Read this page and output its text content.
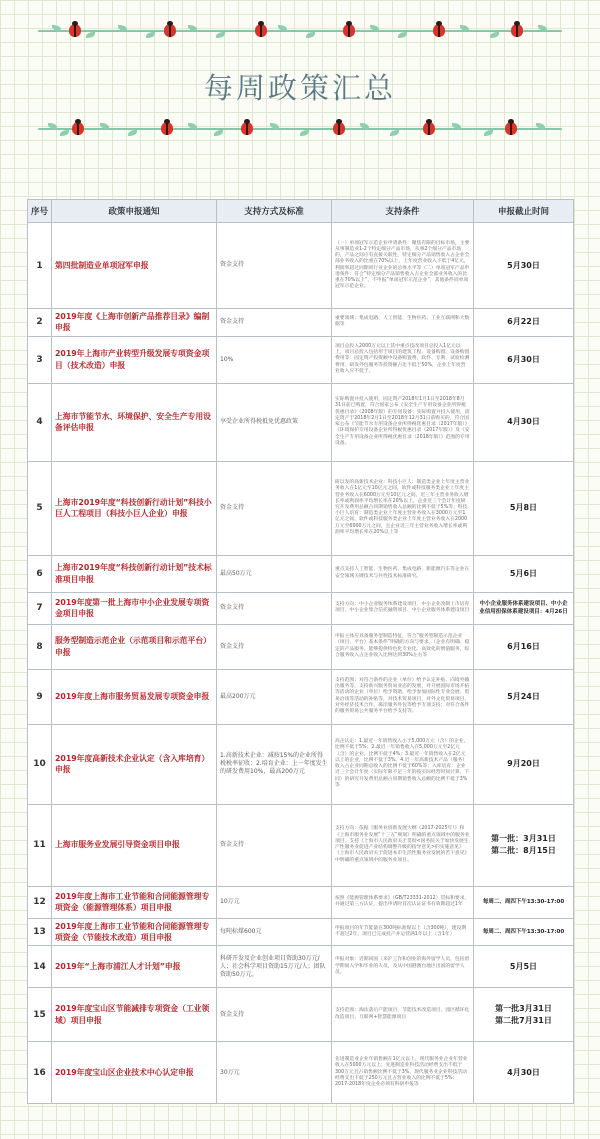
每周政策汇总
序号	政策申报通知	支持方式及标准	支持条件	申报截止时间
1	第四批制造业单项冠军申报	资金支持	（一）单项冠军示范企业申请条件：聚焦有限的目标市场，主要从事制造业1-2个特定细分产品市场，从事2个细分产品市场的，产品之间应有直接关联性，特定细分产品销售收入占企业全部业务收入的比重在70%以上，上年度营业收入不低于4亿元，利润率超过同期同行业企业的总体水平等（二）单项冠军产品申请条件：符合“特定细分产品销售收入占企业全部业务收入的比重在70%以上”，不申报“单项冠军示范企业”，其他条件同单项冠军示范企业。	5月30日
2	2019年度《上海市创新产品推荐目录》编制申报	资金支持	重要领域：集成电路、人工智能、生物医药、工业互联网和大数据等	6月22日
3	2019年上海市产业转型升级发展专项资金项目（技术改造）申报	10%	项目总投入2000万元以上其中重点技改项目总投入1亿元以上，项目总投入包括用于项目的建筑工程、设备购置、设备购置费用等：固定资产投资额中设备购置费、软件、专利、试验检测费用、研发外包服务等投资额占比不低于50%，企业上年度营业收入应不低于。	6月30日
4	上海市节能节水、环境保护、安全生产专用设备评估申报	享受企业所得税抵免优惠政策	实际购置并投入使用，固定资产2018年1月1日至2018年8月31日前已购置，符合国家公布《安全生产专用设备企业所得税优惠目录》（2008年版）的专用设备；实际购置并投入使用，固定资产于2018年2月1日至2018年12月31日前购买的，符合国家公布《节能节水专用设备企业所得税优惠目录（2017年版）》《环境保护专用设备企业所得税优惠目录（2017年版）》及《安全生产专用设备企业所得税优惠目录（2018年版）》范围的专用设备。	4月30日
5	上海市2019年度“科技创新行动计划”科技小巨人工程项目（科技小巨人企业）申报	资金支持	研以发的高新技术企业：科技小巨人：制造类企业上年度主营业务收入在1亿元至10亿元之间，软件或科技服务类企业上年度主营业务收入在6000万元至10亿元之间，近三年主营业务收入增长率或利润率平均增长率在20%以上，企业近三个会计年度研究开发费用总额占同期销售收入总额的比例不低于5%等；科技小巨人培育：制造类企业上年度主营业务收入在3000万元至1亿元之间，软件或科技服务类企业上年度主营业务收入在2000万元至6000万元之间，且企业近三年主营业务收入增长率或利润率平均增长率在20%以上等	5月8日
6	上海市2019年度“科技创新行动计划”技术标准项目申报	最高50万元	重点支持人工智能、生物医药、集成电路、新能源汽车等企业在安全领域关键技术与共性技术标准研究。	5月6日
7	2019年度第一批上海市中小企业发展专项资金项目申报	资金支持	支持方向：中小企业服务体系建设项目、中小企业改制上市培育项目、中小企业集合信托融资项目、中小企业服务体系建设项目	中小企业服务体系建设项目、中小企业信用担保体系建设项目：4月26日
8	服务型制造示范企业（示范项目和示范平台）申报	资金支持	申报主体应具备服务型制造特征，符合“服务型制造示范企业（项目、平台）基本条件”明确的方向与要求。（企业有明确、稳定的产品服务，能够提供特色化专业化、高效化的增值服务，综合服务收入占企业收入比例达到30%左右等	6月16日
9	2019年度上海市服务贸易发展专项资金申报	最高200万元	支持范围：对符合条件的企业（单位）给予认定补贴，向境外输出服务等，支持新兴服务贸易业态的发展，对开展国际市场开拓等活动的企业（单位）给予资助，给予参加国际性专业会展、贸易洽谈等活动的补贴等，对技术贸易项目、对外文化贸易项目、对外经济技术合作、离岸服务外包等给予专项支持；对符合条件的服务贸易公共服务平台给予支持等。	5月24日
10	2019年度高新技术企业认定（含入库培育）申报	1.高新技术企业：减按15%的企业所得税税率征收；2.培育企业：上一年度发生的研发费用10%，最高200万元	高企认定：1.最近一年销售收入小于5,000万元（含）的企业，比例不低于5%；2.最近一年销售收入在5,000万元至2亿元（含）的企业，比例不低于4%；3.最近一年销售收入在2亿元以上的企业，比例不低于3%。4.近一年高新技术产品（服务）收入占企业同期总收入的比例不低于60%等；入库培育：企业近三个会计年度（实际年限不足三年的按实际经营时间计算，下同）的研究开发费用总额占同期销售收入总额的比例不低于3%等	9月20日
11	上海市服务业发展引导资金项目申报	资金支持	支持方向：依据《服务业创新发展大纲（2017-2025年）》和《上海市服务业发展“十三五”规划》明确的重点领域中的服务业项目。支持《上海市人民政府关于贯彻<国务院关于加快发展生产性服务业促进产业结构调整升级的指导意见>的实施意见》《上海市人民政府关于促进本市生活性服务业发展的若干意见》中明确的重点领域中的服务业项目。	第一批：3月31日
第二批：8月15日
12	2019年度上海市工业节能和合同能源管理专项资金（能源管理体系）项目申报	10万元	按照《能源管理体系要求》（GB/T23331-2012）贯标和要求，并通过第三方认证，提出申请时首次认证证书有效期超过1年	每周二、周四下午13:30-17:00
13	2019年度上海市工业节能和合同能源管理专项资金（节能技术改造）项目申报	每吨标煤600元	申报项目的年节能量在300吨标准煤以上（含300吨），建设期不超过2年，项目已完成投产并运营满1年以上（含1年）	每周二、周四下午13:30-17:00
14	2019年“上海市浦江人才计划”申报	科研开发及企业创业项目资助30万元/人；社会科学项目资助15万元/人；团队资助50万元。	申报对象：近期回国（来沪工作和创业的海外留学人员，包括留学期间入学和毕业的人员，及从中国港澳台地区出国的留学人员。	5月5日
15	2019年度宝山区节能减排专项资金（工业领域）项目申报	资金支持	支持范围：淘汰落后产能项目、节能技术改造项目、园区循环化改造项目、互联网+智慧能源项目	第一批3月31日
第二批7月31日
16	2019年度宝山区企业技术中心认定申报	30万元	先进制造业企业年销售额在1亿元以上，现代服务业企业年营业收入在5000万元以上；先进制造业科技活动经费支出不低于300万元且占销售额比例不低于3%，现代服务业企业科技活动经费支出不低于250万元且占营业收入的比例不低于5%；2017-2018年度企业必须有科研申报等	4月30日
